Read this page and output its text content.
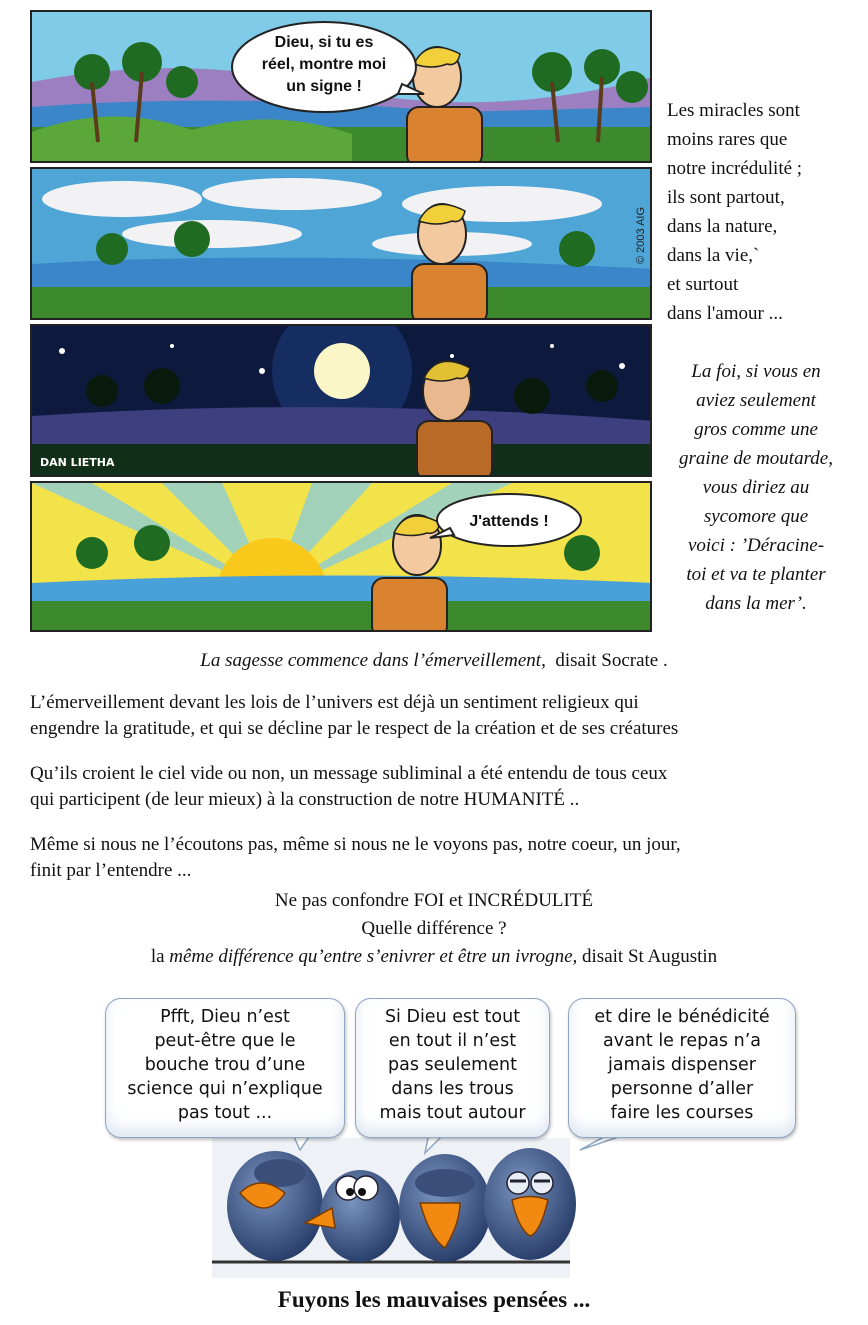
Dieu, si tu es
réel, montre moi
un signe !
© 2003 AIG
DAN LIETHA
J'attends !
Les miracles sont
moins rares que
notre incrédulité ;
ils sont partout,
dans la nature,
dans la vie,`
et surtout
dans l'amour ...
La foi, si vous en
aviez seulement
gros comme une
graine de moutarde,
vous diriez au
sycomore que
voici : ’Déracine-
toi et va te planter
dans la mer’.
La sagesse commence dans l’émerveillement, disait Socrate .
L’émerveillement devant les lois de l’univers est déjà un sentiment religieux qui
engendre la gratitude, et qui se décline par le respect de la création et de ses créatures
Qu’ils croient le ciel vide ou non, un message subliminal a été entendu de tous ceux
qui participent (de leur mieux) à la construction de notre HUMANITÉ ..
Même si nous ne l’écoutons pas, même si nous ne le voyons pas, notre coeur, un jour,
finit par l’entendre ...
Ne pas confondre FOI et INCRÉDULITÉ
Quelle différence ?
la même différence qu’entre s’enivrer et être un ivrogne, disait St Augustin
Pfft, Dieu n’est
peut-être que le
bouche trou d’une
science qui n’explique
pas tout ...
Si Dieu est tout
en tout il n’est
pas seulement
dans les trous
mais tout autour
et dire le bénédicité
avant le repas n’a
jamais dispenser
personne d’aller
faire les courses
Fuyons les mauvaises pensées ...
